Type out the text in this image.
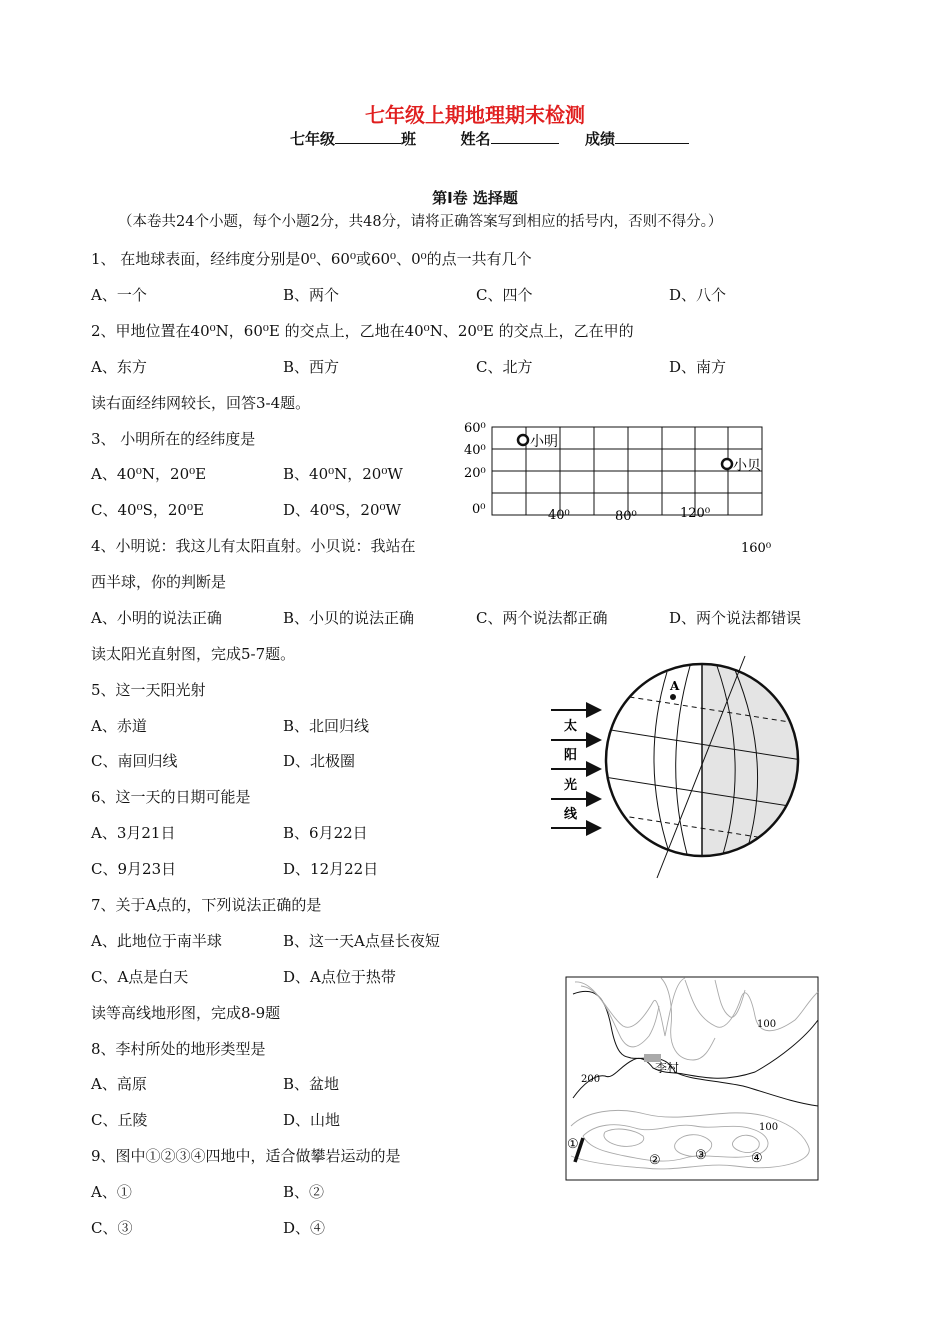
七年级上期地理期末检测
七年级	班	姓名	成绩
第Ⅰ卷 选择题
（本卷共24个小题，每个小题2分，共48分，请将正确答案写到相应的括号内，否则不得分。）
1、 在地球表面，经纬度分别是0⁰、60⁰或60⁰、0⁰的点一共有几个
A、一个	B、两个	C、四个	D、八个
2、甲地位置在40⁰N，60⁰E 的交点上，乙地在40⁰N、20⁰E 的交点上，乙在甲的
A、东方	B、西方	C、北方	D、南方
读右面经纬网较长，回答3-4题。
3、 小明所在的经纬度是
A、40⁰N，20⁰E	B、40⁰N，20⁰W
C、40⁰S，20⁰E	D、40⁰S，20⁰W
60⁰
40⁰
20⁰
0⁰	40⁰	80⁰	120⁰
160⁰
小明
小贝
4、小明说：我这儿有太阳直射。小贝说：我站在
西半球，你的判断是
A、小明的说法正确	B、小贝的说法正确	C、两个说法都正确	D、两个说法都错误
读太阳光直射图，完成5-7题。
5、这一天阳光射
A、赤道	B、北回归线
C、南回归线	D、北极圈
6、这一天的日期可能是
A、3月21日	B、6月22日
C、9月23日	D、12月22日
A
太
阳
光
线
7、关于A点的，下列说法正确的是
A、此地位于南半球	B、这一天A点昼长夜短
C、A点是白天	D、A点位于热带
读等高线地形图，完成8-9题
8、李村所处的地形类型是
A、高原	B、盆地
C、丘陵	D、山地
9、图中①②③④四地中，适合做攀岩运动的是
A、①	B、②
C、③	D、④
李村
100
200
100
①
②	③	④
